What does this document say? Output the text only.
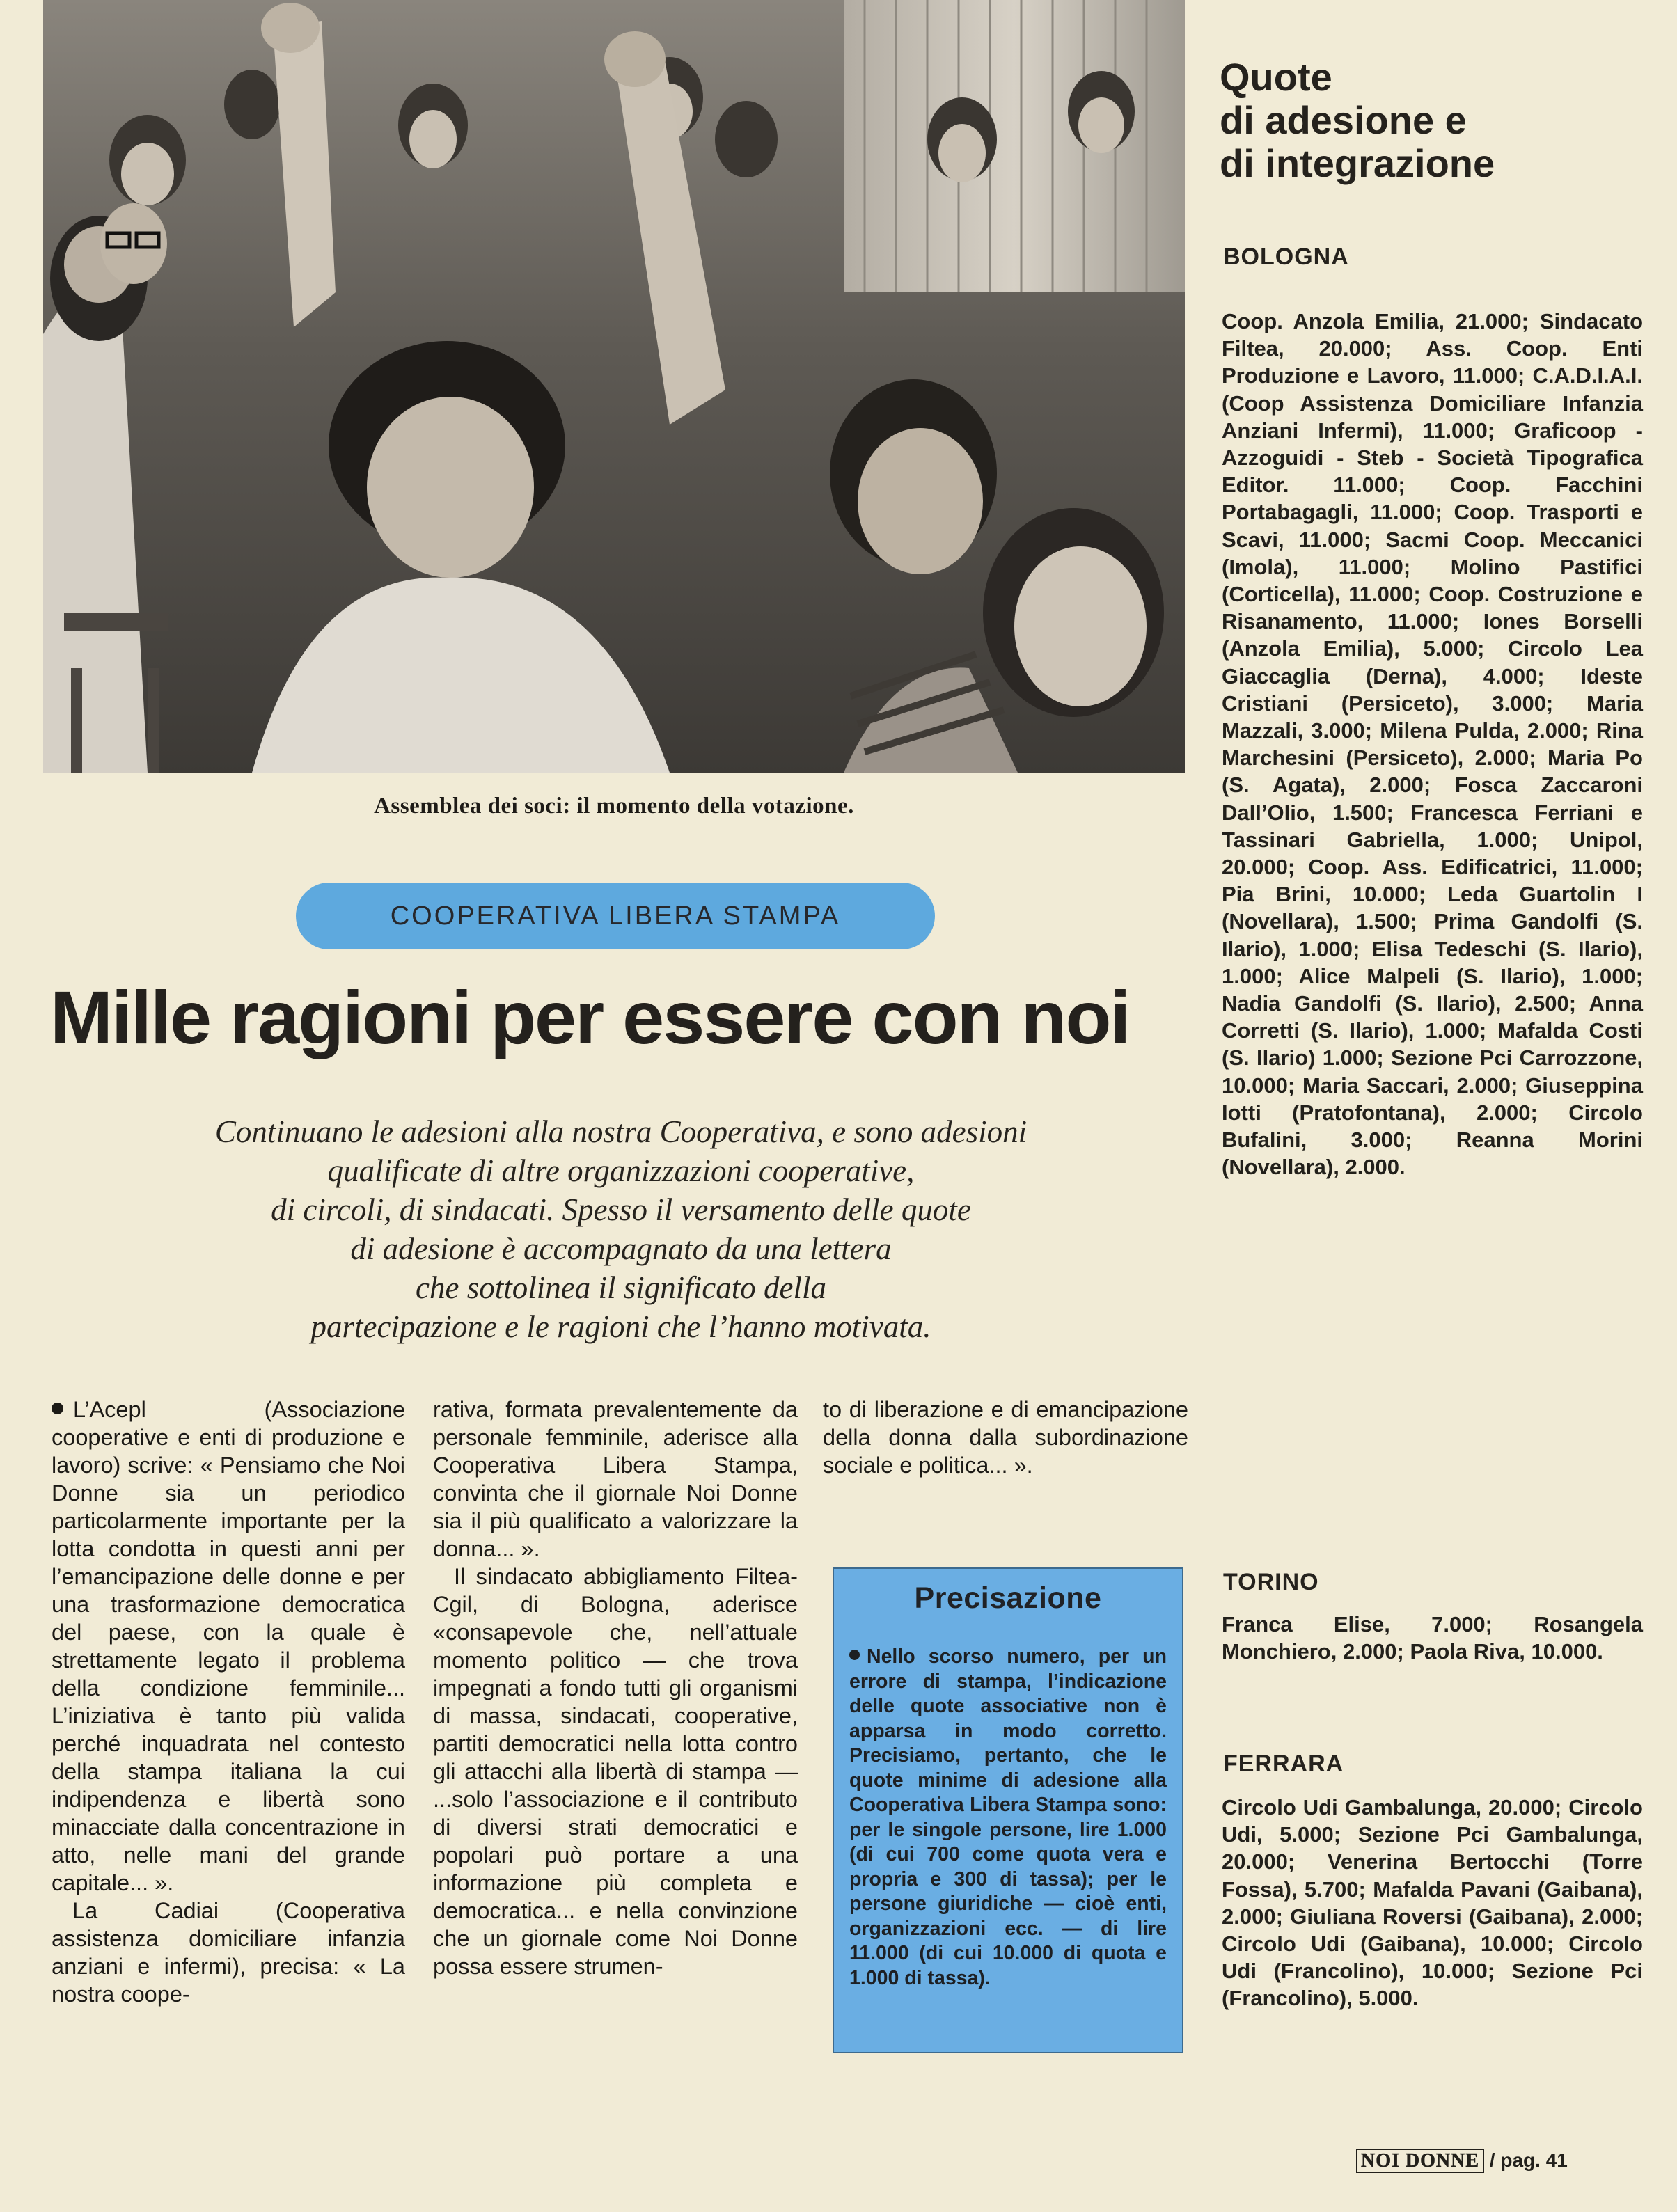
Assemblea dei soci: il momento della votazione.
COOPERATIVA LIBERA STAMPA
Mille ragioni per essere con noi
Continuano le adesioni alla nostra Cooperativa, e sono adesioni
qualificate di altre organizzazioni cooperative,
di circoli, di sindacati. Spesso il versamento delle quote
di adesione è accompagnato da una lettera
che sottolinea il significato della
partecipazione e le ragioni che l’hanno motivata.

L’Acepl (Associazione cooperative e enti di produzione e lavoro) scrive: « Pensiamo che Noi Donne sia un periodico particolarmente importante per la lotta condotta in questi anni per l’emancipazione delle donne e per una trasformazione democratica del paese, con la quale è strettamente legato il problema della condizione femminile... L’iniziativa è tanto più valida perché inquadrata nel contesto della stampa italiana la cui indipendenza e libertà sono minacciate dalla concentrazione in atto, nelle mani del grande capitale... ».

La Cadiai (Cooperativa assistenza domiciliare infanzia anziani e infermi), precisa: « La nostra coope-

rativa, formata prevalentemente da personale femminile, aderisce alla Cooperativa Libera Stampa, convinta che il giornale Noi Donne sia il più qualificato a valorizzare la donna... ».

Il sindacato abbigliamento Filtea-Cgil, di Bologna, aderisce «consapevole che, nell’attuale momento politico — che trova impegnati a fondo tutti gli organismi di massa, sindacati, cooperative, partiti democratici nella lotta contro gli attacchi alla libertà di stampa — ...solo l’associazione e il contributo di diversi strati democratici e popolari può portare a una informazione più completa e democratica... e nella convinzione che un giornale come Noi Donne possa essere strumen-

to di liberazione e di emancipazione della donna dalla subordinazione sociale e politica... ».

Precisazione

Nello scorso numero, per un errore di stampa, l’indicazione delle quote associative non è apparsa in modo corretto. Precisiamo, pertanto, che le quote minime di adesione alla Cooperativa Libera Stampa sono: per le singole persone, lire 1.000 (di cui 700 come quota vera e propria e 300 di tassa); per le persone giuridiche — cioè enti, organizzazioni ecc. — di lire 11.000 (di cui 10.000 di quota e 1.000 di tassa).

Quote
di adesione e
di integrazione
BOLOGNA

Coop. Anzola Emilia, 21.000; Sindacato Filtea, 20.000; Ass. Coop. Enti Produzione e Lavoro, 11.000; C.A.D.I.A.I. (Coop Assistenza Domiciliare Infanzia Anziani Infermi), 11.000; Graficoop - Azzoguidi - Steb - Società Tipografica Editor. 11.000; Coop. Facchini Portabagagli, 11.000; Coop. Trasporti e Scavi, 11.000; Sacmi Coop. Meccanici (Imola), 11.000; Molino Pastifici (Corticella), 11.000; Coop. Costruzione e Risanamento, 11.000; Iones Borselli (Anzola Emilia), 5.000; Circolo Lea Giaccaglia (Derna), 4.000; Ideste Cristiani (Persiceto), 3.000; Maria Mazzali, 3.000; Milena Pulda, 2.000; Rina Marchesini (Persiceto), 2.000; Maria Po (S. Agata), 2.000; Fosca Zaccaroni Dall’Olio, 1.500; Francesca Ferriani e Tassinari Gabriella, 1.000; Unipol, 20.000; Coop. Ass. Edificatrici, 11.000; Pia Brini, 10.000; Leda Guartolin I (Novellara), 1.500; Prima Gandolfi (S. Ilario), 1.000; Elisa Tedeschi (S. Ilario), 1.000; Alice Malpeli (S. Ilario), 1.000; Nadia Gandolfi (S. Ilario), 2.500; Anna Corretti (S. Ilario), 1.000; Mafalda Costi (S. Ilario) 1.000; Sezione Pci Carrozzone, 10.000; Maria Saccari, 2.000; Giuseppina Iotti (Pratofontana), 2.000; Circolo Bufalini, 3.000; Reanna Morini (Novellara), 2.000.

TORINO

Franca Elise, 7.000; Rosangela Monchiero, 2.000; Paola Riva, 10.000.

FERRARA

Circolo Udi Gambalunga, 20.000; Circolo Udi, 5.000; Sezione Pci Gambalunga, 20.000; Venerina Bertocchi (Torre Fossa), 5.700; Mafalda Pavani (Gaibana), 2.000; Giuliana Roversi (Gaibana), 2.000; Circolo Udi (Gaibana), 10.000; Circolo Udi (Francolino), 10.000; Sezione Pci (Francolino), 5.000.

NOI DONNE / pag. 41
